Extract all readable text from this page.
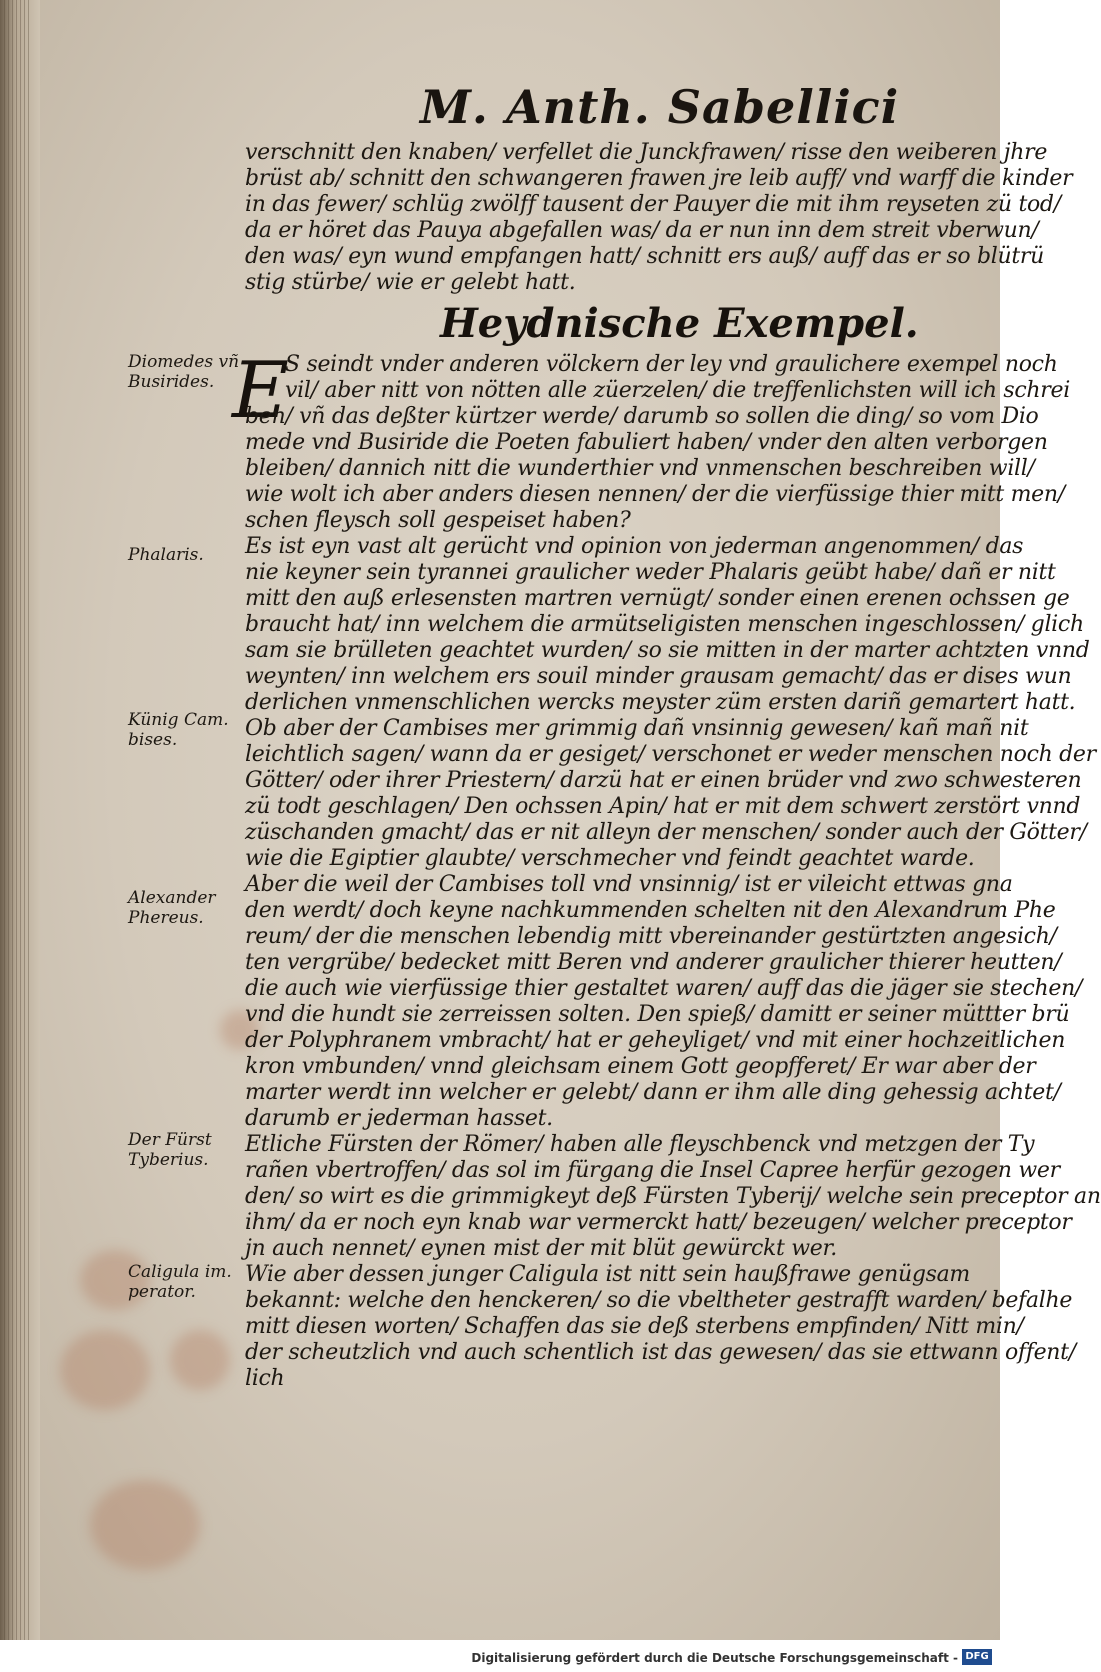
M. Anth. Sabellici
verschnitt den knaben/ verfellet die Junckfrawen/ risse den weiberen jhre
brüst ab/ schnitt den schwangeren frawen jre leib auff/ vnd warff die kinder
in das fewer/ schlüg zwölff tausent der Pauyer die mit ihm reyseten zü tod/
da er höret das Pauya abgefallen was/ da er nun inn dem streit vberwun/
den was/ eyn wund empfangen hatt/ schnitt ers auß/ auff das er so blütrü
stig stürbe/ wie er gelebt hatt.
Heydnische Exempel.
E
S seindt vnder anderen völckern der ley vnd graulichere exempel noch
vil/ aber nitt von nötten alle züerzelen/ die treffenlichsten will ich schrei
ben/ vñ das deßter kürtzer werde/ darumb so sollen die ding/ so vom Dio
mede vnd Busiride die Poeten fabuliert haben/ vnder den alten verborgen
bleiben/ dannich nitt die wunderthier vnd vnmenschen beschreiben will/
wie wolt ich aber anders diesen nennen/ der die vierfüssige thier mitt men/
schen fleysch soll gespeiset haben?
Es ist eyn vast alt gerücht vnd opinion von jederman angenommen/ das
nie keyner sein tyrannei graulicher weder Phalaris geübt habe/ dañ er nitt
mitt den auß erlesensten martren vernügt/ sonder einen erenen ochssen ge
braucht hat/ inn welchem die armütseligisten menschen ingeschlossen/ glich
sam sie brülleten geachtet wurden/ so sie mitten in der marter achtzten vnnd
weynten/ inn welchem ers souil minder grausam gemacht/ das er dises wun
derlichen vnmenschlichen wercks meyster züm ersten dariñ gemartert hatt.
Ob aber der Cambises mer grimmig dañ vnsinnig gewesen/ kañ mañ nit
leichtlich sagen/ wann da er gesiget/ verschonet er weder menschen noch der
Götter/ oder ihrer Priestern/ darzü hat er einen brüder vnd zwo schwesteren
zü todt geschlagen/ Den ochssen Apin/ hat er mit dem schwert zerstört vnnd
züschanden gmacht/ das er nit alleyn der menschen/ sonder auch der Götter/
wie die Egiptier glaubte/ verschmecher vnd feindt geachtet warde.
Aber die weil der Cambises toll vnd vnsinnig/ ist er vileicht ettwas gna
den werdt/ doch keyne nachkummenden schelten nit den Alexandrum Phe
reum/ der die menschen lebendig mitt vbereinander gestürtzten angesich/
ten vergrübe/ bedecket mitt Beren vnd anderer graulicher thierer heutten/
die auch wie vierfüssige thier gestaltet waren/ auff das die jäger sie stechen/
vnd die hundt sie zerreissen solten. Den spieß/ damitt er seiner müttter brü
der Polyphranem vmbracht/ hat er geheyliget/ vnd mit einer hochzeitlichen
kron vmbunden/ vnnd gleichsam einem Gott geopfferet/ Er war aber der
marter werdt inn welcher er gelebt/ dann er ihm alle ding gehessig achtet/
darumb er jederman hasset.
Etliche Fürsten der Römer/ haben alle fleyschbenck vnd metzgen der Ty
rañen vbertroffen/ das sol im fürgang die Insel Capree herfür gezogen wer
den/ so wirt es die grimmigkeyt deß Fürsten Tyberij/ welche sein preceptor an
ihm/ da er noch eyn knab war vermerckt hatt/ bezeugen/ welcher preceptor
jn auch nennet/ eynen mist der mit blüt gewürckt wer.
Wie aber dessen junger Caligula ist nitt sein haußfrawe genügsam
bekannt: welche den henckeren/ so die vbeltheter gestrafft warden/ befalhe
mitt diesen worten/ Schaffen das sie deß sterbens empfinden/ Nitt min/
der scheutzlich vnd auch schentlich ist das gewesen/ das sie ettwann offent/
lich
Diomedes vñ
Busirides.
Phalaris.
Künig Cam.
bises.
Alexander
Phereus.
Der Fürst
Tyberius.
Caligula im.
perator.
Digitalisierung gefördert durch die Deutsche Forschungsgemeinschaft - DFG
